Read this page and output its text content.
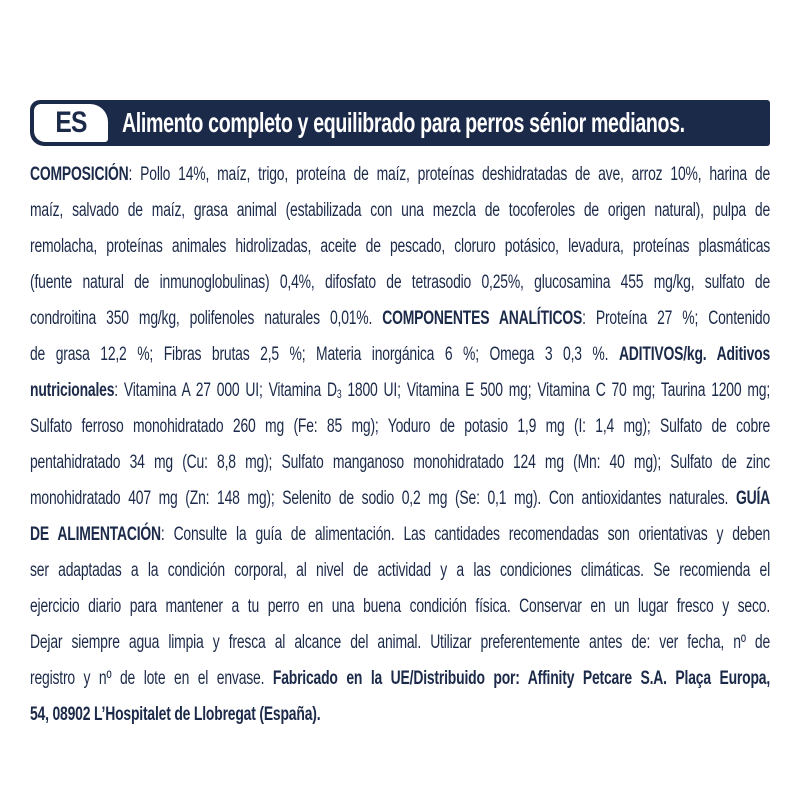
ES Alimento completo y equilibrado para perros sénior medianos.
COMPOSICIÓN: Pollo 14%, maíz, trigo, proteína de maíz, proteínas deshidratadas de ave, arroz 10%, harina de
maíz, salvado de maíz, grasa animal (estabilizada con una mezcla de tocoferoles de origen natural), pulpa de
remolacha, proteínas animales hidrolizadas, aceite de pescado, cloruro potásico, levadura, proteínas plasmáticas
(fuente natural de inmunoglobulinas) 0,4%, difosfato de tetrasodio 0,25%, glucosamina 455 mg/kg, sulfato de
condroitina 350 mg/kg, polifenoles naturales 0,01%. COMPONENTES ANALÍTICOS: Proteína 27 %; Contenido
de grasa 12,2 %; Fibras brutas 2,5 %; Materia inorgánica 6 %; Omega 3 0,3 %. ADITIVOS/kg. Aditivos
nutricionales: Vitamina A 27 000 UI; Vitamina D3 1800 UI; Vitamina E 500 mg; Vitamina C 70 mg; Taurina 1200 mg;
Sulfato ferroso monohidratado 260 mg (Fe: 85 mg); Yoduro de potasio 1,9 mg (I: 1,4 mg); Sulfato de cobre
pentahidratado 34 mg (Cu: 8,8 mg); Sulfato manganoso monohidratado 124 mg (Mn: 40 mg); Sulfato de zinc
monohidratado 407 mg (Zn: 148 mg); Selenito de sodio 0,2 mg (Se: 0,1 mg). Con antioxidantes naturales. GUÍA
DE ALIMENTACIÓN: Consulte la guía de alimentación. Las cantidades recomendadas son orientativas y deben
ser adaptadas a la condición corporal, al nivel de actividad y a las condiciones climáticas. Se recomienda el
ejercicio diario para mantener a tu perro en una buena condición física. Conservar en un lugar fresco y seco.
Dejar siempre agua limpia y fresca al alcance del animal. Utilizar preferentemente antes de: ver fecha, nº de
registro y nº de lote en el envase. Fabricado en la UE/Distribuido por: Affinity Petcare S.A. Plaça Europa,
54, 08902 L’Hospitalet de Llobregat (España).
